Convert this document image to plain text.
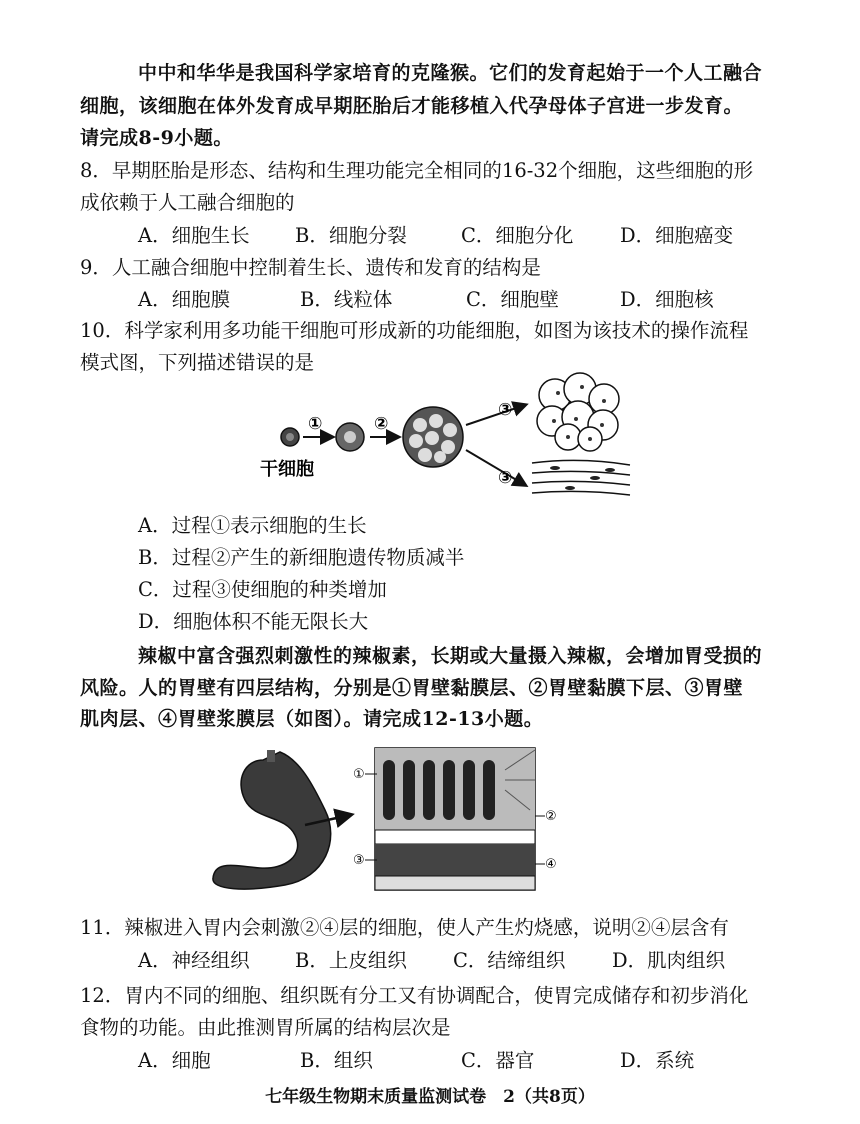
中中和华华是我国科学家培育的克隆猴。它们的发育起始于一个人工融合
细胞，该细胞在体外发育成早期胚胎后才能移植入代孕母体子宫进一步发育。
请完成8-9小题。
8．早期胚胎是形态、结构和生理功能完全相同的16-32个细胞，这些细胞的形
成依赖于人工融合细胞的
A．细胞生长 B．细胞分裂	C．细胞分化 D．细胞癌变
9．人工融合细胞中控制着生长、遗传和发育的结构是
A．细胞膜	B．线粒体	C．细胞壁	D．细胞核
10．科学家利用多功能干细胞可形成新的功能细胞，如图为该技术的操作流程
模式图，下列描述错误的是
①	②
③
③
干细胞
A．过程①表示细胞的生长
B．过程②产生的新细胞遗传物质减半
C．过程③使细胞的种类增加
D．细胞体积不能无限长大
辣椒中富含强烈刺激性的辣椒素，长期或大量摄入辣椒，会增加胃受损的
风险。人的胃壁有四层结构，分别是①胃壁黏膜层、②胃壁黏膜下层、③胃壁
肌肉层、④胃壁浆膜层（如图）。请完成12-13小题。
①
②
③	④
11．辣椒进入胃内会刺激②④层的细胞，使人产生灼烧感，说明②④层含有
A．神经组织 B．上皮组织 C．结缔组织 D．肌肉组织
12．胃内不同的细胞、组织既有分工又有协调配合，使胃完成储存和初步消化
食物的功能。由此推测胃所属的结构层次是
A．细胞	B．组织	C．器官	D．系统
七年级生物期末质量监测试卷　2（共8页）
